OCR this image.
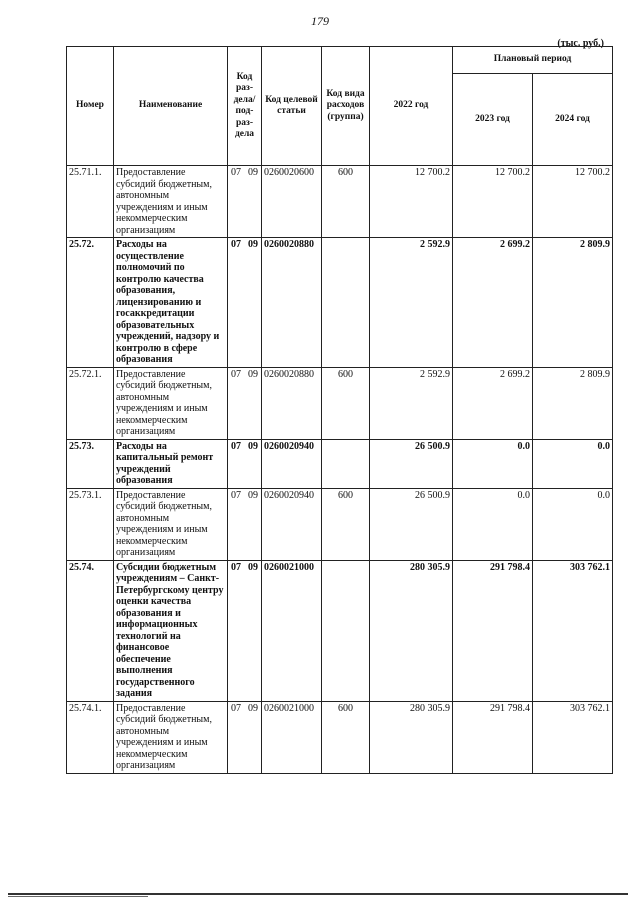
179
(тыс. руб.)
Номер	Наименование	Код раз- дела/ под- раз- дела	Код целевой статьи	Код вида расходов (группа)	2022 год	Плановый период	
						2023 год	2024 год
25.71.1.	Предоставление субсидий бюджетным, автономным учреждениям и иным некоммерческим организациям	07 09	0260020600	600	12 700.2	12 700.2	12 700.2
25.72.	Расходы на осуществление полномочий по контролю качества образования, лицензированию и госаккредитации образовательных учреждений, надзору и контролю в сфере образования	07 09	0260020880		2 592.9	2 699.2	2 809.9
25.72.1.	Предоставление субсидий бюджетным, автономным учреждениям и иным некоммерческим организациям	07 09	0260020880	600	2 592.9	2 699.2	2 809.9
25.73.	Расходы на капитальный ремонт учреждений образования	07 09	0260020940		26 500.9	0.0	0.0
25.73.1.	Предоставление субсидий бюджетным, автономным учреждениям и иным некоммерческим организациям	07 09	0260020940	600	26 500.9	0.0	0.0
25.74.	Субсидии бюджетным учреждениям – Санкт-Петербургскому центру оценки качества образования и информационных технологий на финансовое обеспечение выполнения государственного задания	07 09	0260021000		280 305.9	291 798.4	303 762.1
25.74.1.	Предоставление субсидий бюджетным, автономным учреждениям и иным некоммерческим организациям	07 09	0260021000	600	280 305.9	291 798.4	303 762.1
